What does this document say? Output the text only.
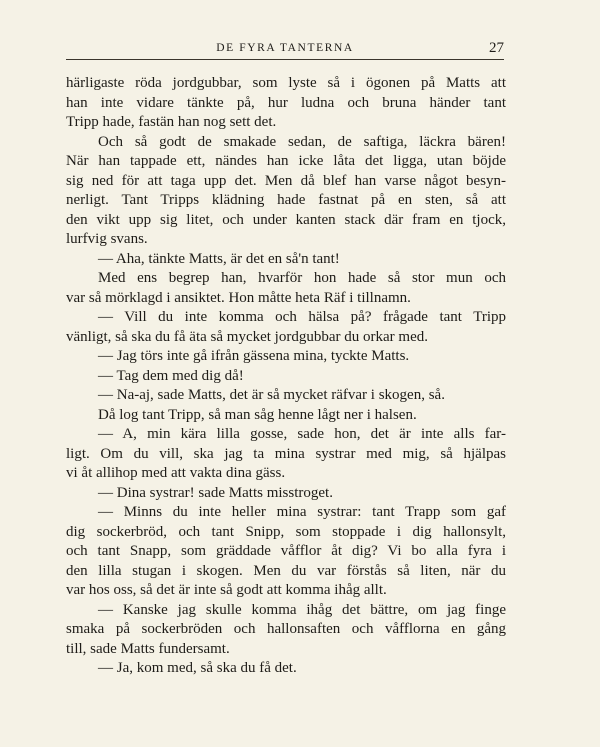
DE FYRA TANTERNA	27
härligaste röda jordgubbar, som lyste så i ögonen på Matts att
han inte vidare tänkte på, hur ludna och bruna händer tant
Tripp hade, fastän han nog sett det.
Och så godt de smakade sedan, de saftiga, läckra bären!
När han tappade ett, nändes han icke låta det ligga, utan böjde
sig ned för att taga upp det. Men då blef han varse något besyn-
nerligt. Tant Tripps klädning hade fastnat på en sten, så att
den vikt upp sig litet, och under kanten stack där fram en tjock,
lurfvig svans.
— Aha, tänkte Matts, är det en så'n tant!
Med ens begrep han, hvarför hon hade så stor mun och
var så mörklagd i ansiktet. Hon måtte heta Räf i tillnamn.
— Vill du inte komma och hälsa på? frågade tant Tripp
vänligt, så ska du få äta så mycket jordgubbar du orkar med.
— Jag törs inte gå ifrån gässena mina, tyckte Matts.
— Tag dem med dig då!
— Na-aj, sade Matts, det är så mycket räfvar i skogen, så.
Då log tant Tripp, så man såg henne lågt ner i halsen.
— A, min kära lilla gosse, sade hon, det är inte alls far-
ligt. Om du vill, ska jag ta mina systrar med mig, så hjälpas
vi åt allihop med att vakta dina gäss.
— Dina systrar! sade Matts misstroget.
— Minns du inte heller mina systrar: tant Trapp som gaf
dig sockerbröd, och tant Snipp, som stoppade i dig hallonsylt,
och tant Snapp, som gräddade våfflor åt dig? Vi bo alla fyra i
den lilla stugan i skogen. Men du var förstås så liten, när du
var hos oss, så det är inte så godt att komma ihåg allt.
— Kanske jag skulle komma ihåg det bättre, om jag finge
smaka på sockerbröden och hallonsaften och våfflorna en gång
till, sade Matts fundersamt.
— Ja, kom med, så ska du få det.
